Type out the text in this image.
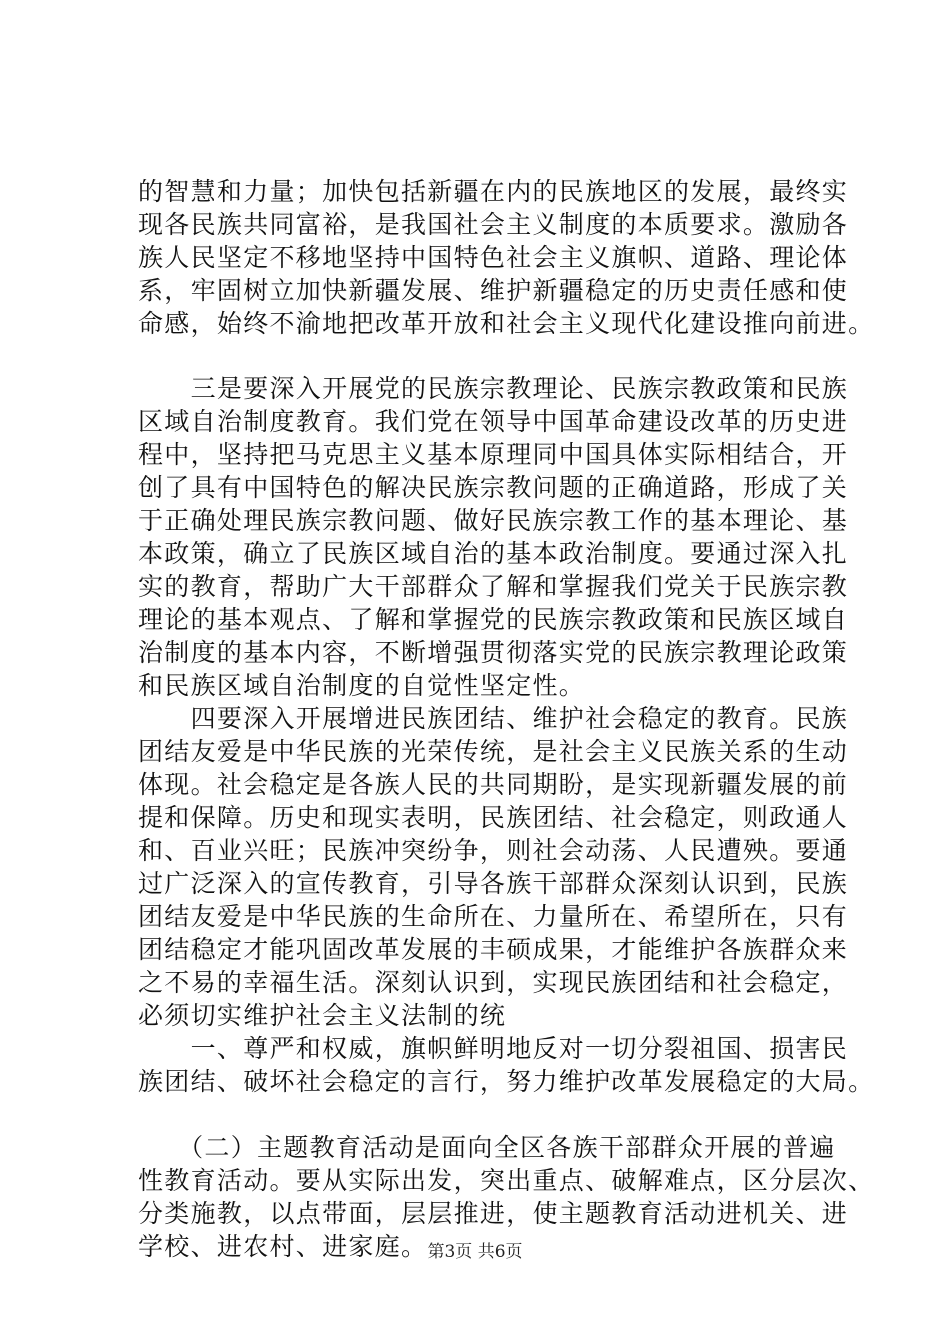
的智慧和力量；加快包括新疆在内的民族地区的发展，最终实
现各民族共同富裕，是我国社会主义制度的本质要求。激励各
族人民坚定不移地坚持中国特色社会主义旗帜、道路、理论体
系，牢固树立加快新疆发展、维护新疆稳定的历史责任感和使
命感，始终不渝地把改革开放和社会主义现代化建设推向前进。
　　三是要深入开展党的民族宗教理论、民族宗教政策和民族
区域自治制度教育。我们党在领导中国革命建设改革的历史进
程中，坚持把马克思主义基本原理同中国具体实际相结合，开
创了具有中国特色的解决民族宗教问题的正确道路，形成了关
于正确处理民族宗教问题、做好民族宗教工作的基本理论、基
本政策，确立了民族区域自治的基本政治制度。要通过深入扎
实的教育，帮助广大干部群众了解和掌握我们党关于民族宗教
理论的基本观点、了解和掌握党的民族宗教政策和民族区域自
治制度的基本内容，不断增强贯彻落实党的民族宗教理论政策
和民族区域自治制度的自觉性坚定性。
　　四要深入开展增进民族团结、维护社会稳定的教育。民族
团结友爱是中华民族的光荣传统，是社会主义民族关系的生动
体现。社会稳定是各族人民的共同期盼，是实现新疆发展的前
提和保障。历史和现实表明，民族团结、社会稳定，则政通人
和、百业兴旺；民族冲突纷争，则社会动荡、人民遭殃。要通
过广泛深入的宣传教育，引导各族干部群众深刻认识到，民族
团结友爱是中华民族的生命所在、力量所在、希望所在，只有
团结稳定才能巩固改革发展的丰硕成果，才能维护各族群众来
之不易的幸福生活。深刻认识到，实现民族团结和社会稳定，
必须切实维护社会主义法制的统
　　一、尊严和权威，旗帜鲜明地反对一切分裂祖国、损害民
族团结、破坏社会稳定的言行，努力维护改革发展稳定的大局。
　　（二）主题教育活动是面向全区各族干部群众开展的普遍
性教育活动。要从实际出发，突出重点、破解难点，区分层次、
分类施教，以点带面，层层推进，使主题教育活动进机关、进
学校、进农村、进家庭。 第3页 共6页
